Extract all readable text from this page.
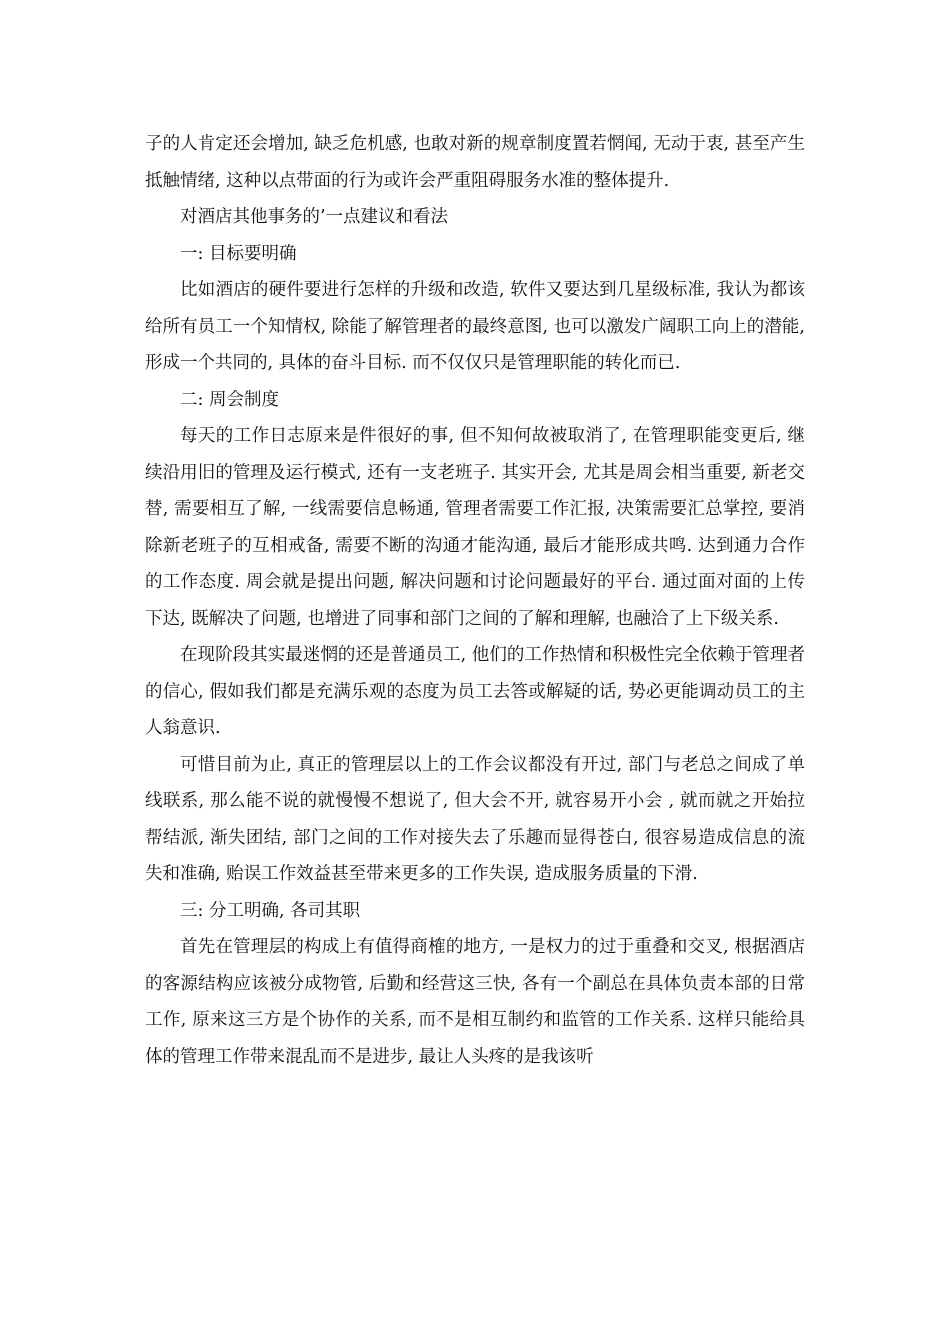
子的人肯定还会增加, 缺乏危机感, 也敢对新的规章制度置若惘闻, 无动于衷, 甚至产生抵触情绪, 这种以点带面的行为或许会严重阻碍服务水准的整体提升.

对酒店其他事务的’一点建议和看法

一: 目标要明确

比如酒店的硬件要进行怎样的升级和改造, 软件又要达到几星级标准, 我认为都该给所有员工一个知情权, 除能了解管理者的最终意图, 也可以激发广阔职工向上的潜能, 形成一个共同的, 具体的奋斗目标. 而不仅仅只是管理职能的转化而已.

二: 周会制度

每天的工作日志原来是件很好的事, 但不知何故被取消了, 在管理职能变更后, 继续沿用旧的管理及运行模式, 还有一支老班子. 其实开会, 尤其是周会相当重要, 新老交替, 需要相互了解, 一线需要信息畅通, 管理者需要工作汇报, 决策需要汇总掌控, 要消除新老班子的互相戒备, 需要不断的沟通才能沟通, 最后才能形成共鸣. 达到通力合作的工作态度. 周会就是提出问题, 解决问题和讨论问题最好的平台. 通过面对面的上传下达, 既解决了问题, 也增进了同事和部门之间的了解和理解, 也融洽了上下级关系.

在现阶段其实最迷惘的还是普通员工, 他们的工作热情和积极性完全依赖于管理者的信心, 假如我们都是充满乐观的态度为员工去答或解疑的话, 势必更能调动员工的主人翁意识.

可惜目前为止, 真正的管理层以上的工作会议都没有开过, 部门与老总之间成了单线联系, 那么能不说的就慢慢不想说了, 但大会不开, 就容易开小会 , 就而就之开始拉帮结派, 渐失团结, 部门之间的工作对接失去了乐趣而显得苍白, 很容易造成信息的流失和准确, 贻误工作效益甚至带来更多的工作失误, 造成服务质量的下滑.

三: 分工明确, 各司其职

首先在管理层的构成上有值得商榷的地方, 一是权力的过于重叠和交叉, 根据酒店的客源结构应该被分成物管, 后勤和经营这三快, 各有一个副总在具体负责本部的日常工作, 原来这三方是个协作的关系, 而不是相互制约和监管的工作关系. 这样只能给具体的管理工作带来混乱而不是进步, 最让人头疼的是我该听
